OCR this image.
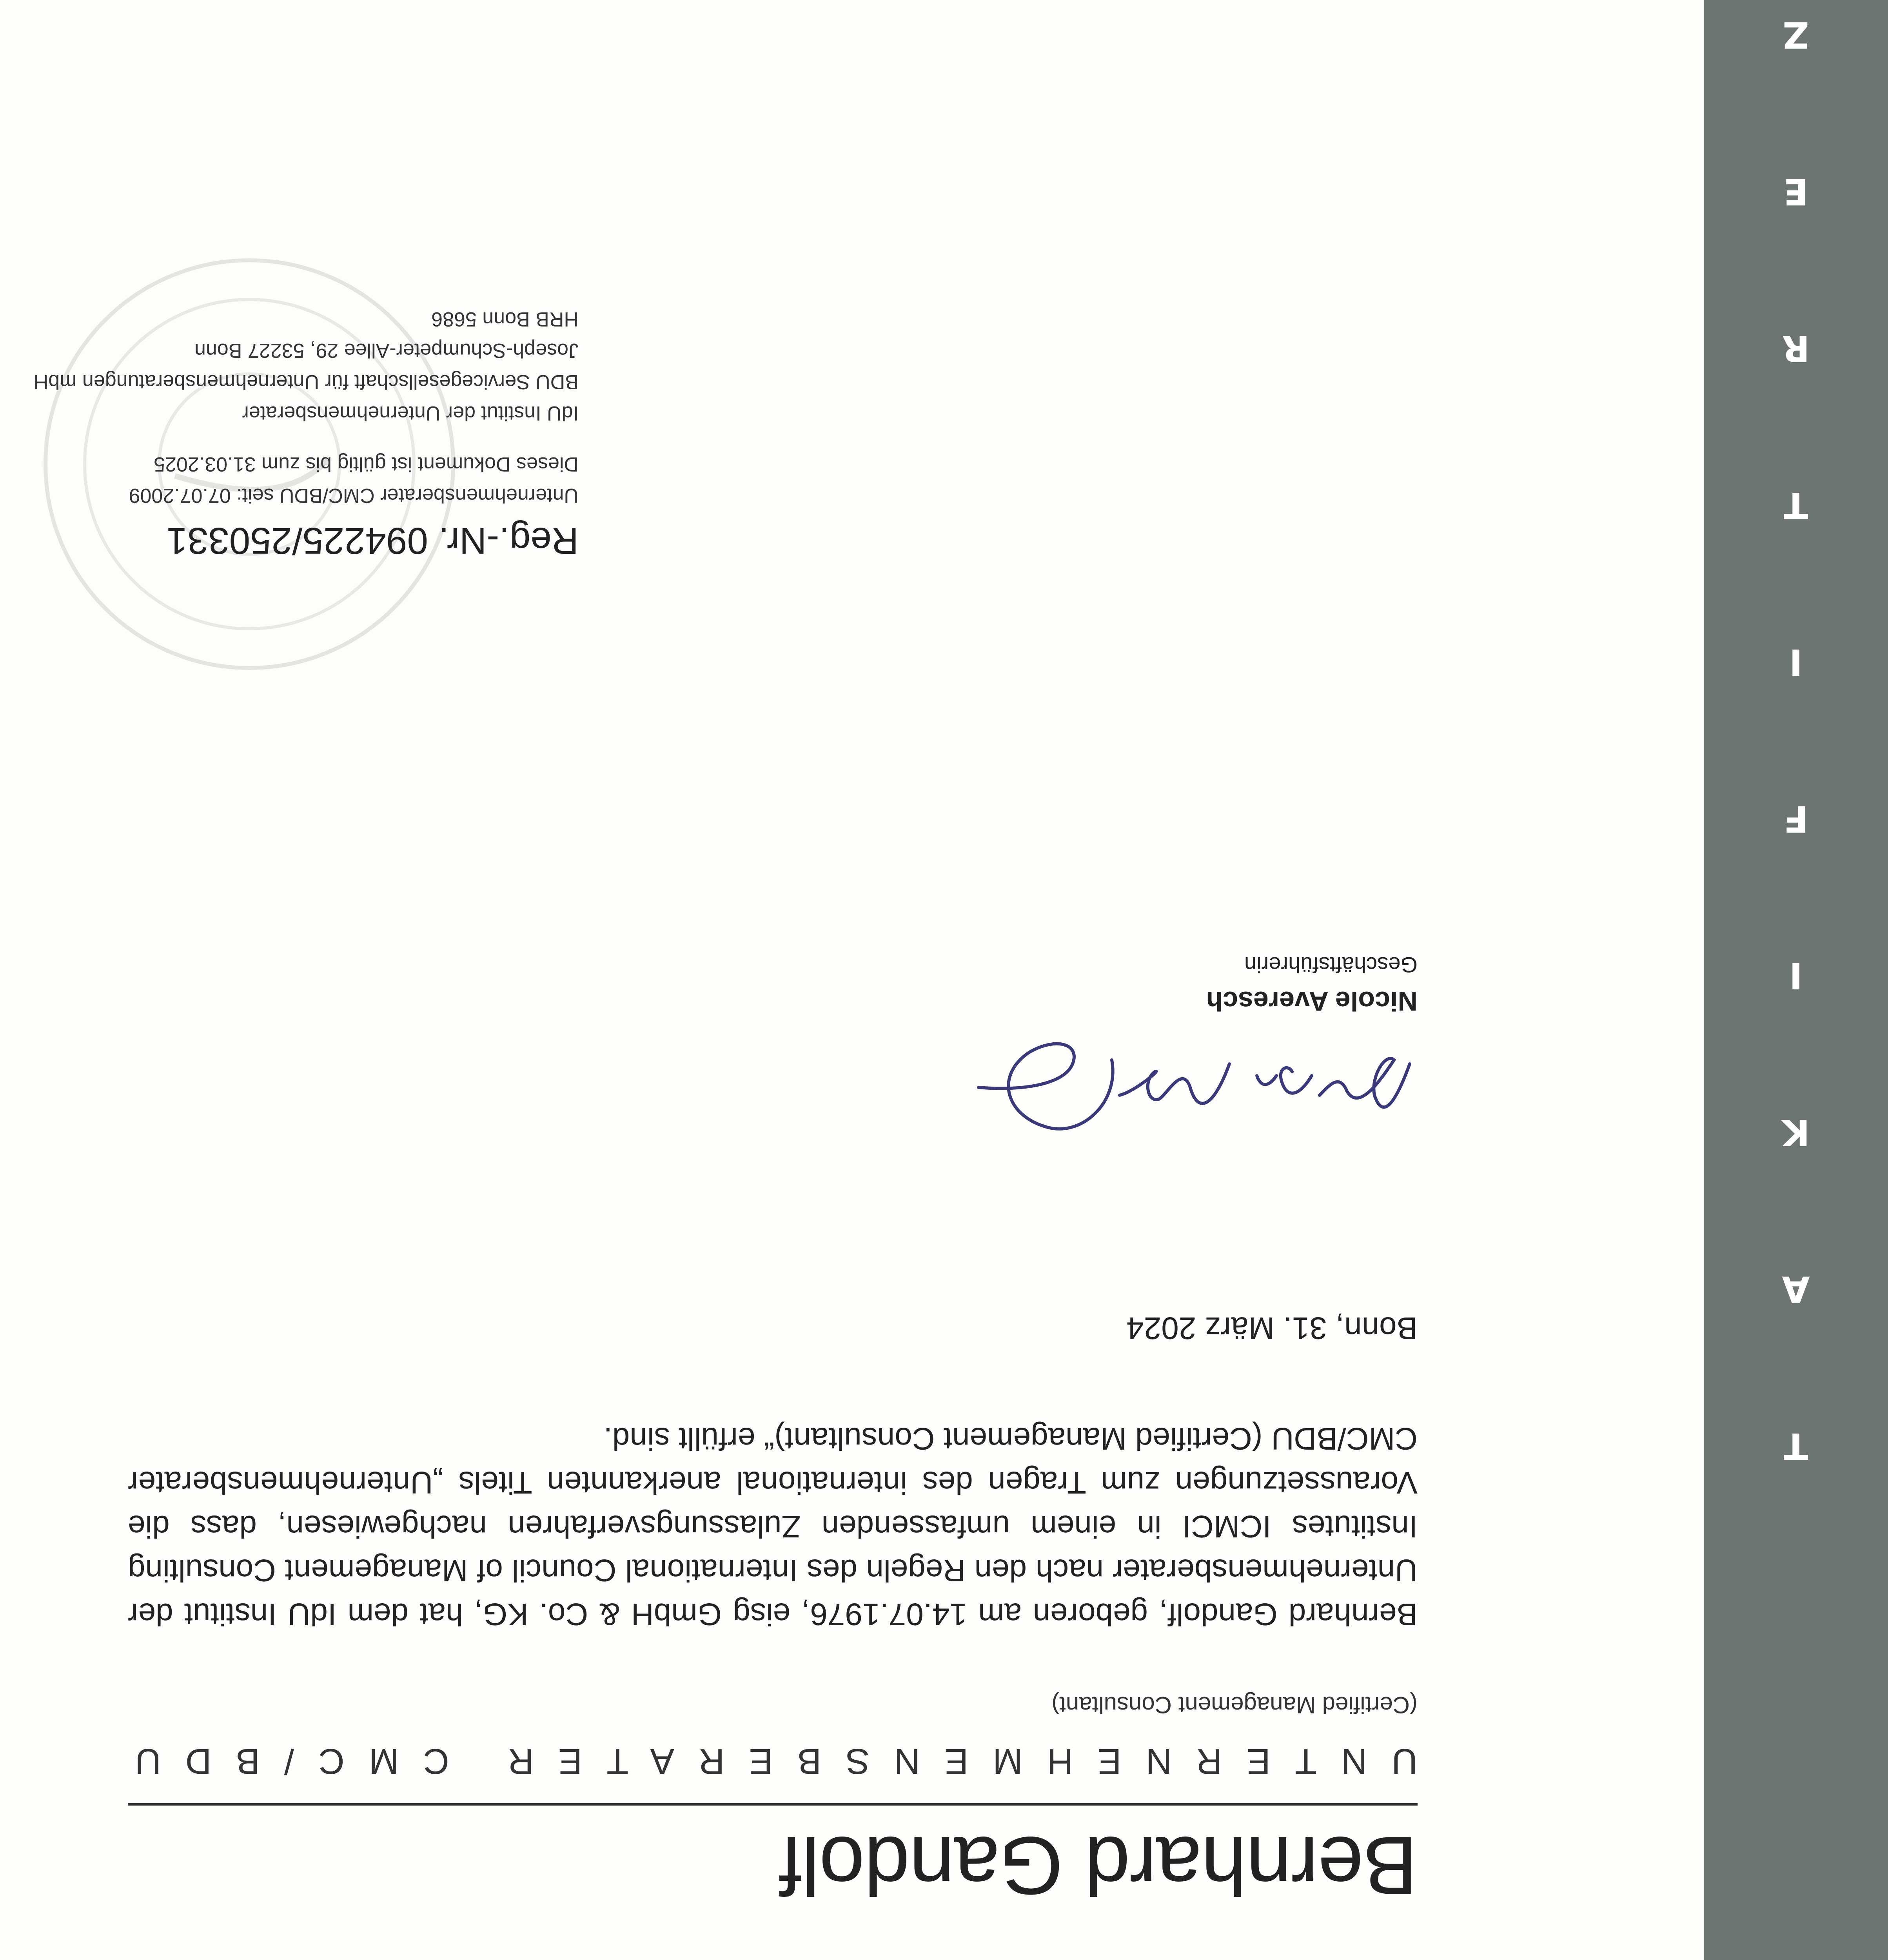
Z
E
R
T
I
F
I
K
A
T
Bernhard Gandolf
UNTERNEHMENSBERATER CMC/BDU
(Certified Management Consultant)
Bernhard Gandolf, geboren am 14.07.1976, eisg GmbH & Co. KG, hat dem IdU Institut der Unternehmensberater nach den Regeln des International Council of Management Consulting Institutes ICMCI in einem umfassenden Zulassungsverfahren nachgewiesen, dass die Voraussetzungen zum Tragen des international anerkannten Titels „Unternehmensberater CMC/BDU (Certified Management Consultant)“ erfüllt sind.
Bonn, 31. März 2024
Nicole Averesch
Geschäftsführerin
Reg.-Nr. 094225/250331
Unternehmensberater CMC/BDU seit: 07.07.2009
Dieses Dokument ist gültig bis zum 31.03.2025
IdU Institut der Unternehmensberater
BDU Servicegesellschaft für Unternehmensberatungen mbH
Joseph-Schumpeter-Allee 29, 53227 Bonn
HRB Bonn 5686
